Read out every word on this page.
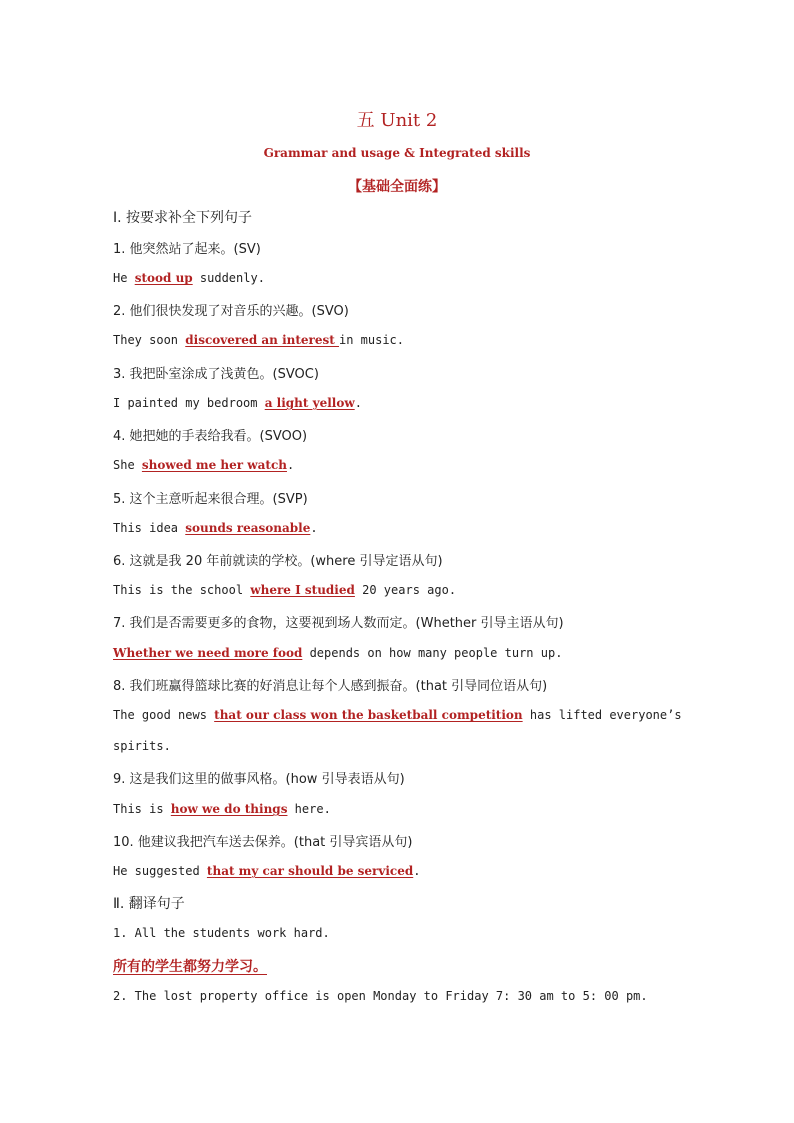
五 Unit 2
Grammar and usage & Integrated skills
【基础全面练】
Ⅰ. 按要求补全下列句子
1. 他突然站了起来。(SV)
He stood up suddenly.
2. 他们很快发现了对音乐的兴趣。(SVO)
They soon discovered an interest in music.
3. 我把卧室涂成了浅黄色。(SVOC)
I painted my bedroom a light yellow.
4. 她把她的手表给我看。(SVOO)
She showed me her watch.
5. 这个主意听起来很合理。(SVP)
This idea sounds reasonable.
6. 这就是我 20 年前就读的学校。(where 引导定语从句)
This is the school where I studied 20 years ago.
7. 我们是否需要更多的食物，这要视到场人数而定。(Whether 引导主语从句)
Whether we need more food depends on how many people turn up.
8. 我们班赢得篮球比赛的好消息让每个人感到振奋。(that 引导同位语从句)
The good news that our class won the basketball competition has lifted everyone’s
spirits.
9. 这是我们这里的做事风格。(how 引导表语从句)
This is how we do things here.
10. 他建议我把汽车送去保养。(that 引导宾语从句)
He suggested that my car should be serviced.
Ⅱ. 翻译句子
1. All the students work hard.
所有的学生都努力学习。
2. The lost property office is open Monday to Friday 7: 30 am to 5: 00 pm.
